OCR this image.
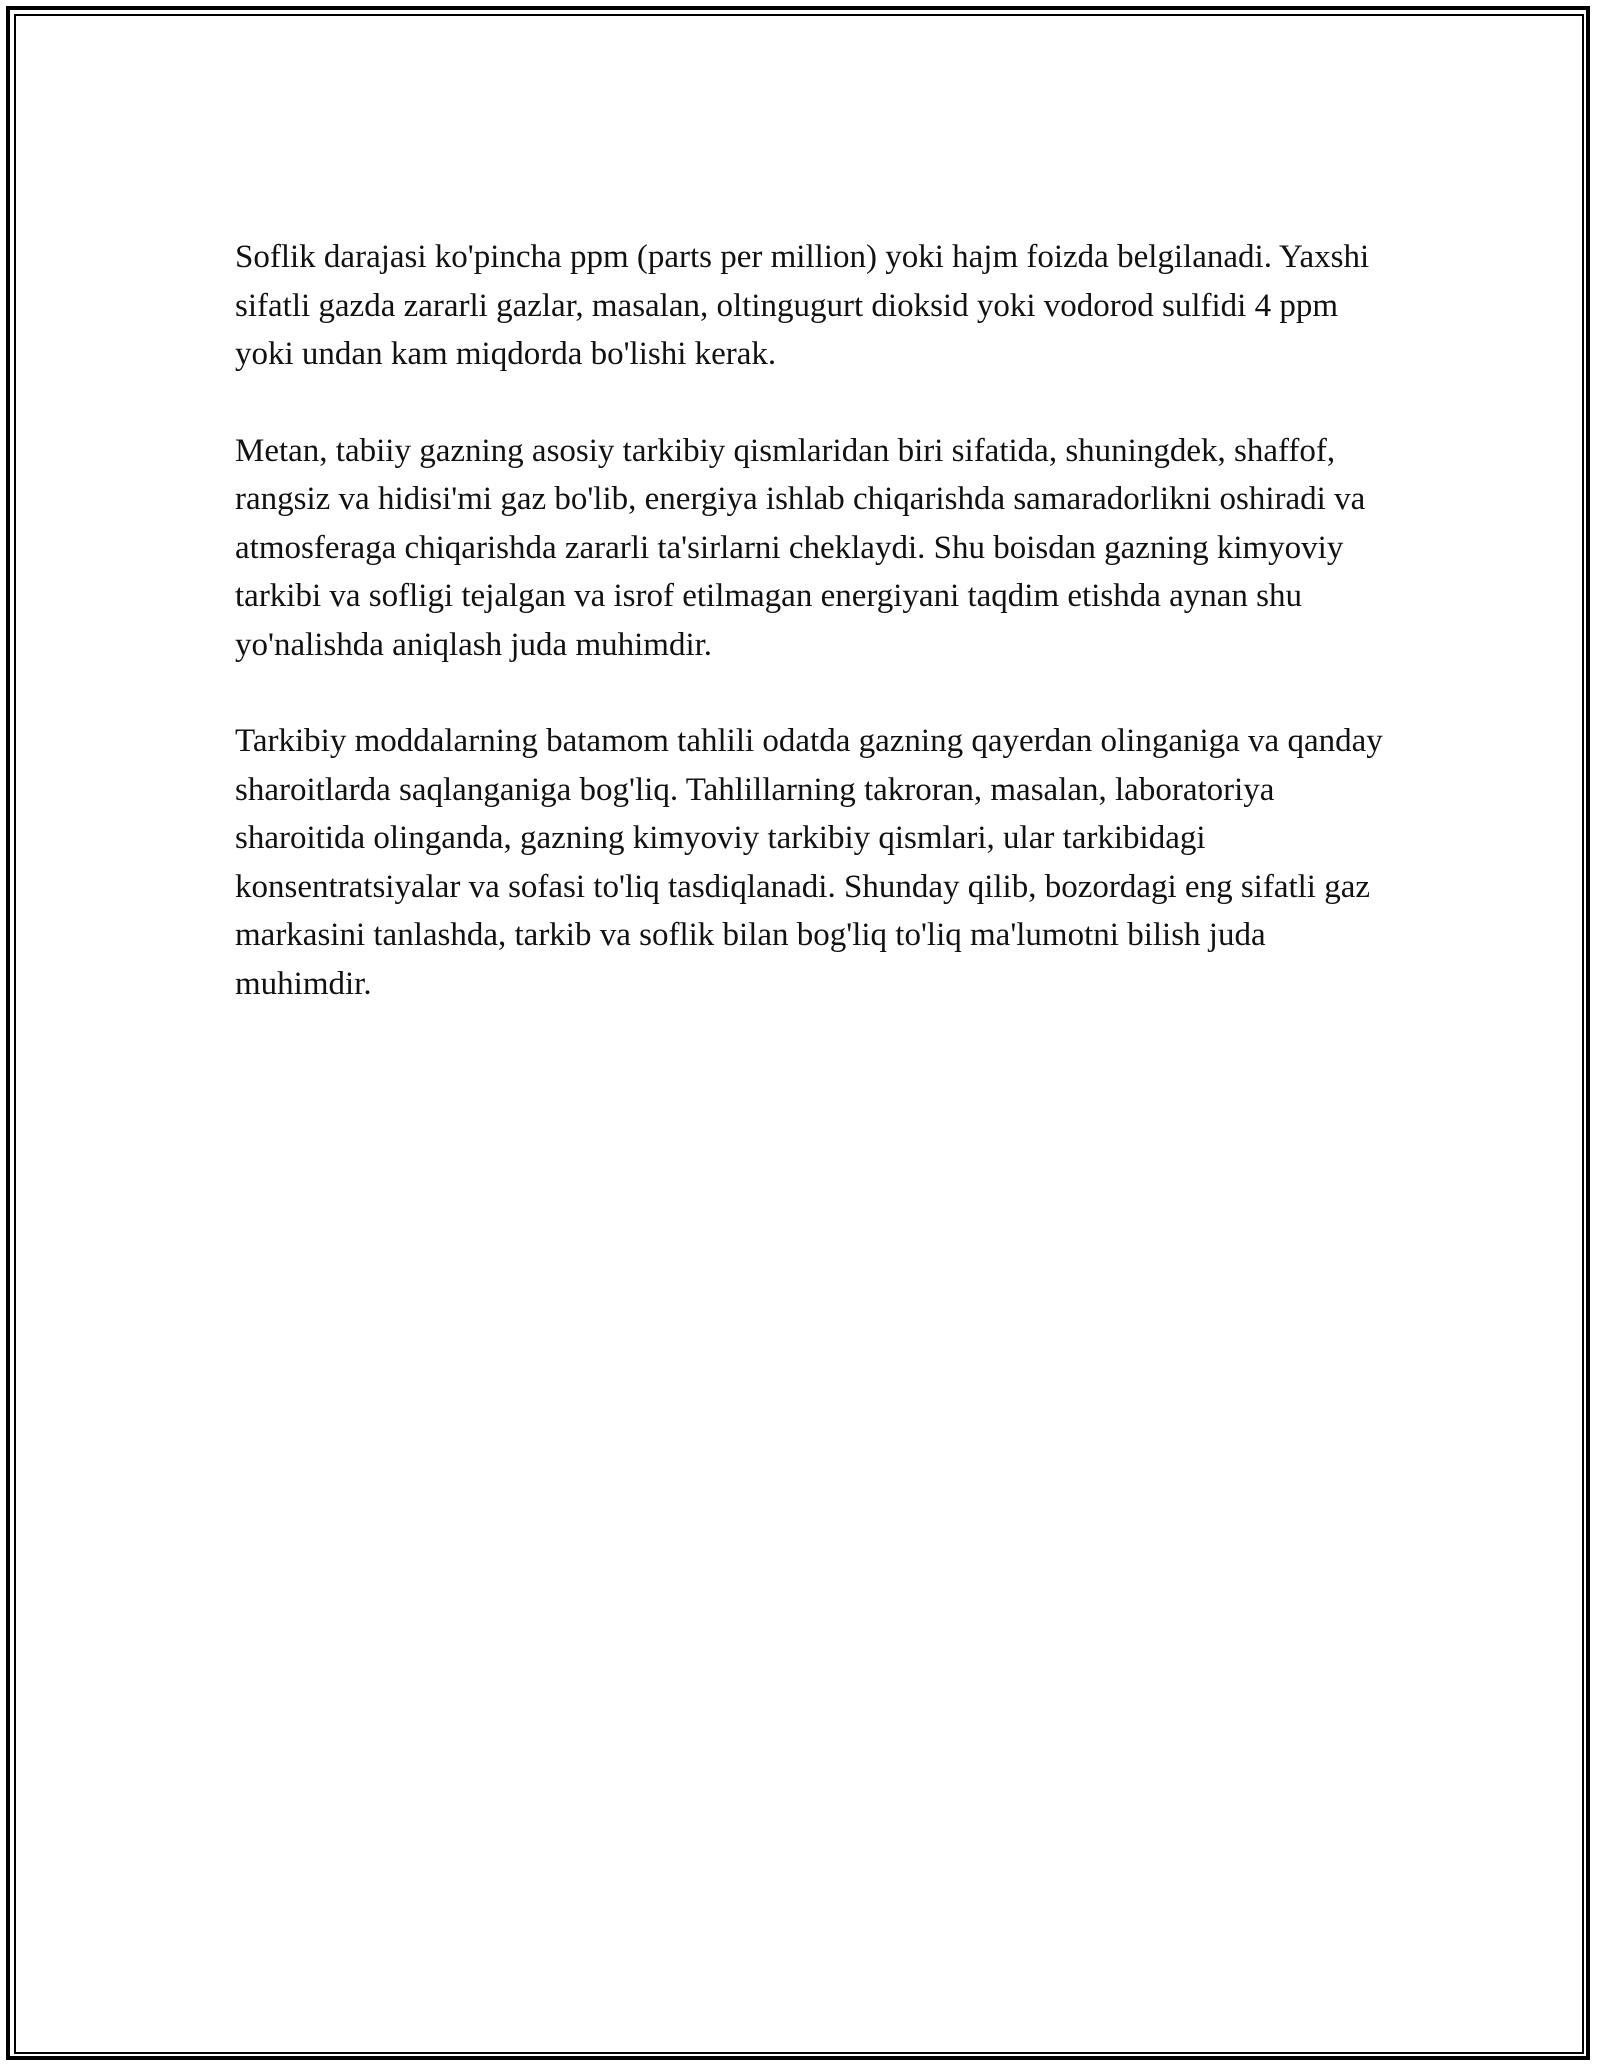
Soflik darajasi ko'pincha ppm (parts per million) yoki hajm foizda belgilanadi. Yaxshi sifatli gazda zararli gazlar, masalan, oltingugurt dioksid yoki vodorod sulfidi 4 ppm yoki undan kam miqdorda bo'lishi kerak.

Metan, tabiiy gazning asosiy tarkibiy qismlaridan biri sifatida, shuningdek, shaffof, rangsiz va hidisi'mi gaz bo'lib, energiya ishlab chiqarishda samaradorlikni oshiradi va atmosferaga chiqarishda zararli ta'sirlarni cheklaydi. Shu boisdan gazning kimyoviy tarkibi va sofligi tejalgan va isrof etilmagan energiyani taqdim etishda aynan shu yo'nalishda aniqlash juda muhimdir.

Tarkibiy moddalarning batamom tahlili odatda gazning qayerdan olinganiga va qanday sharoitlarda saqlanganiga bog'liq. Tahlillarning takroran, masalan, laboratoriya sharoitida olinganda, gazning kimyoviy tarkibiy qismlari, ular tarkibidagi konsentratsiyalar va sofasi to'liq tasdiqlanadi. Shunday qilib, bozordagi eng sifatli gaz markasini tanlashda, tarkib va soflik bilan bog'liq to'liq ma'lumotni bilish juda muhimdir.
